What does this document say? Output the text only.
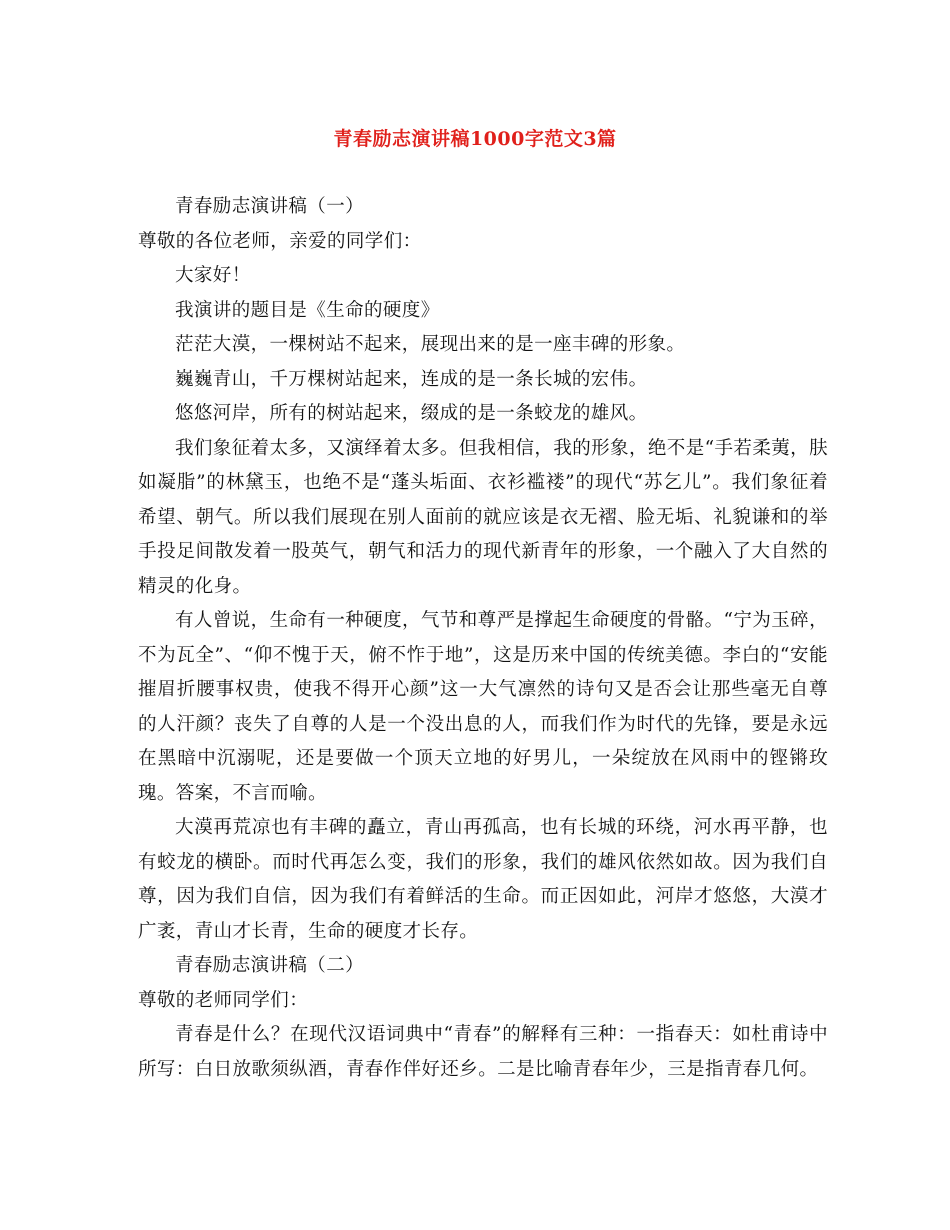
青春励志演讲稿1000字范文3篇

青春励志演讲稿（一）

尊敬的各位老师，亲爱的同学们：

大家好！

我演讲的题目是《生命的硬度》

茫茫大漠，一棵树站不起来，展现出来的是一座丰碑的形象。

巍巍青山，千万棵树站起来，连成的是一条长城的宏伟。

悠悠河岸，所有的树站起来，缀成的是一条蛟龙的雄风。

我们象征着太多，又演绎着太多。但我相信，我的形象，绝不是“手若柔荑，肤如凝脂”的林黛玉，也绝不是“蓬头垢面、衣衫褴褛”的现代“苏乞儿”。我们象征着希望、朝气。所以我们展现在别人面前的就应该是衣无褶、脸无垢、礼貌谦和的举手投足间散发着一股英气，朝气和活力的现代新青年的形象，一个融入了大自然的精灵的化身。

有人曾说，生命有一种硬度，气节和尊严是撑起生命硬度的骨骼。“宁为玉碎，不为瓦全”、“仰不愧于天，俯不怍于地”，这是历来中国的传统美德。李白的“安能摧眉折腰事权贵，使我不得开心颜”这一大气凛然的诗句又是否会让那些毫无自尊的人汗颜？丧失了自尊的人是一个没出息的人，而我们作为时代的先锋，要是永远在黑暗中沉溺呢，还是要做一个顶天立地的好男儿，一朵绽放在风雨中的铿锵玫瑰。答案，不言而喻。

大漠再荒凉也有丰碑的矗立，青山再孤高，也有长城的环绕，河水再平静，也有蛟龙的横卧。而时代再怎么变，我们的形象，我们的雄风依然如故。因为我们自尊，因为我们自信，因为我们有着鲜活的生命。而正因如此，河岸才悠悠，大漠才广袤，青山才长青，生命的硬度才长存。

青春励志演讲稿（二）

尊敬的老师同学们：

青春是什么？在现代汉语词典中“青春”的解释有三种：一指春天：如杜甫诗中所写：白日放歌须纵酒，青春作伴好还乡。二是比喻青春年少，三是指青春几何。
